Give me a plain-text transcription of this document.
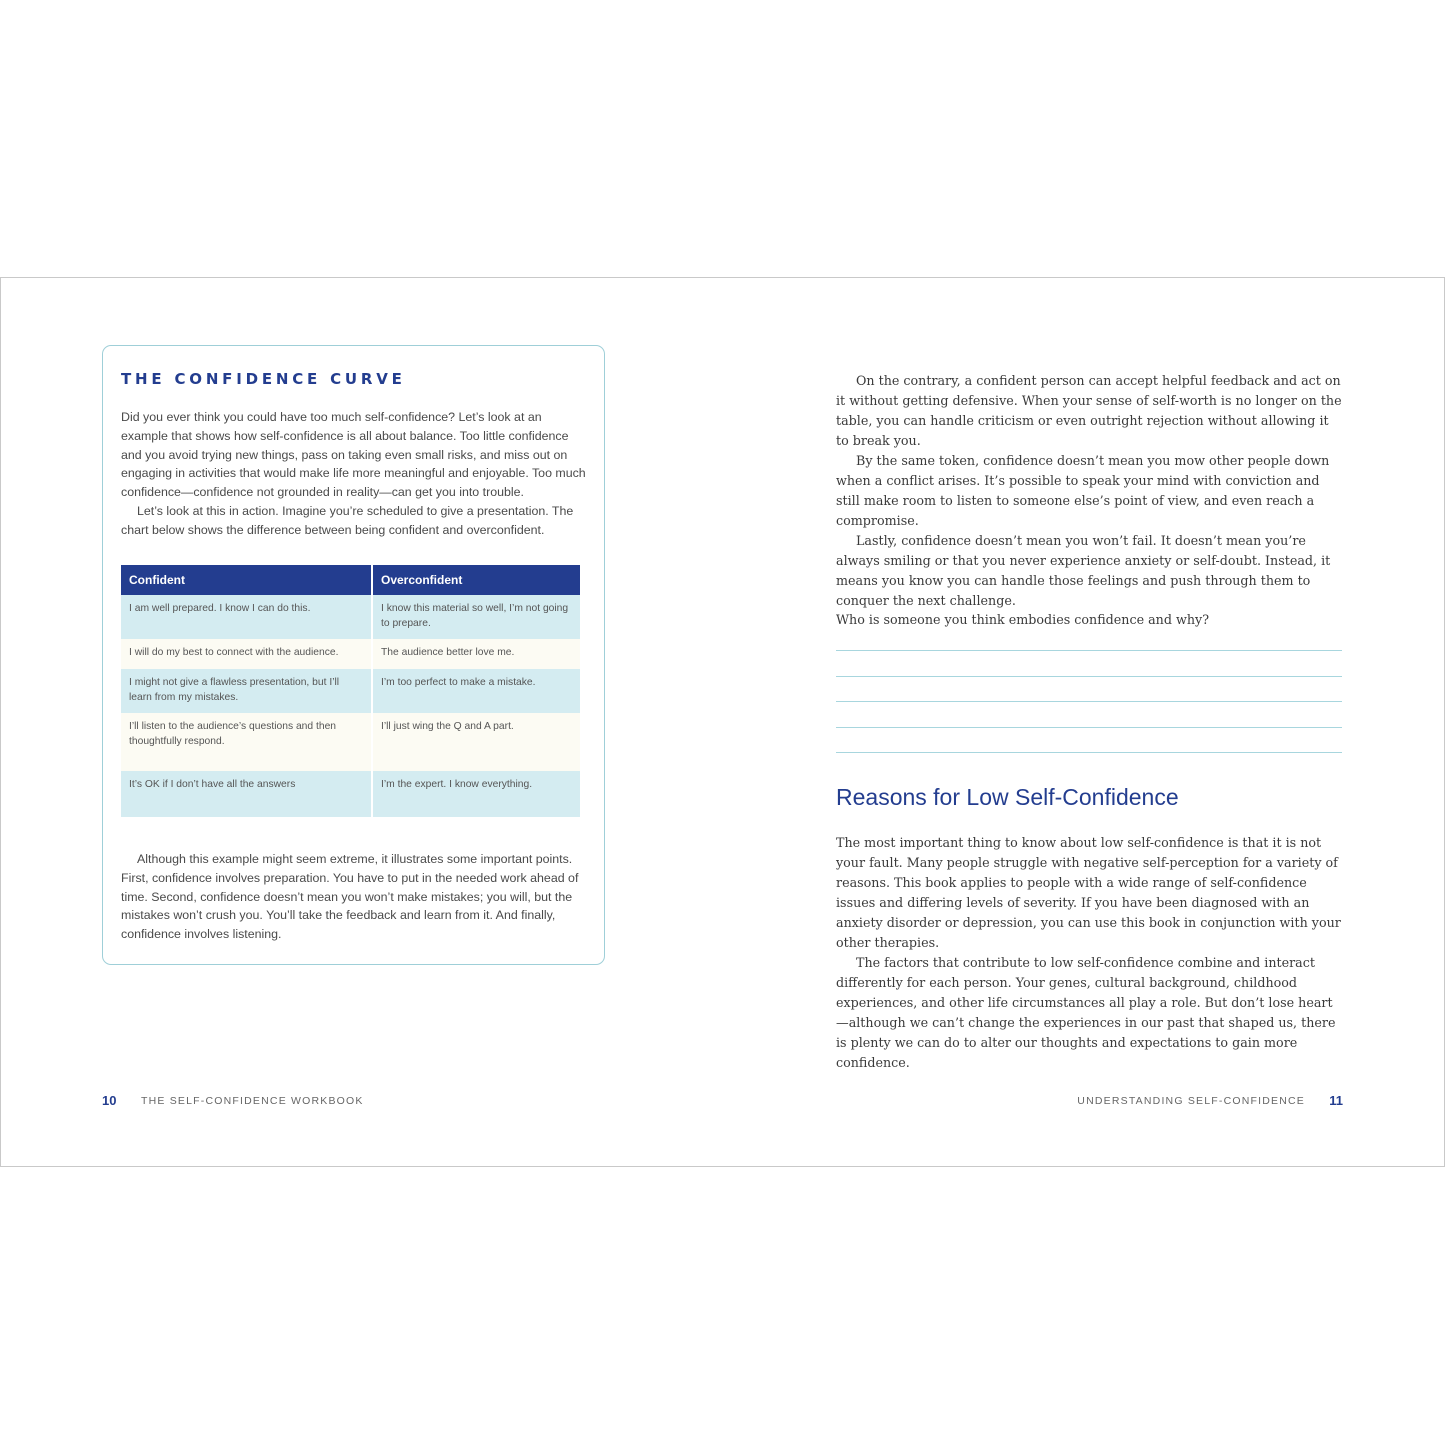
THE CONFIDENCE CURVE

Did you ever think you could have too much self-confidence? Let’s look at an example that shows how self-confidence is all about balance. Too little confidence and you avoid trying new things, pass on taking even small risks, and miss out on engaging in activities that would make life more meaningful and enjoyable. Too much confidence—confidence not grounded in reality—can get you into trouble.

Let’s look at this in action. Imagine you’re scheduled to give a presentation. The chart below shows the difference between being confident and overconfident.

Confident	Overconfident
I am well prepared. I know I can do this.	I know this material so well, I’m not going to prepare.
I will do my best to connect with the audience.	The audience better love me.
I might not give a flawless presentation, but I’ll learn from my mistakes.	I’m too perfect to make a mistake.
I’ll listen to the audience’s questions and then thoughtfully respond.	I’ll just wing the Q and A part.
It’s OK if I don’t have all the answers	I’m the expert. I know everything.

Although this example might seem extreme, it illustrates some important points. First, confidence involves preparation. You have to put in the needed work ahead of time. Second, confidence doesn’t mean you won’t make mistakes; you will, but the mistakes won’t crush you. You’ll take the feedback and learn from it. And finally, confidence involves listening.

10 THE SELF-CONFIDENCE WORKBOOK

On the contrary, a confident person can accept helpful feedback and act on it without getting defensive. When your sense of self-worth is no longer on the table, you can handle criticism or even outright rejection without allowing it to break you.

By the same token, confidence doesn’t mean you mow other people down when a conflict arises. It’s possible to speak your mind with conviction and still make room to listen to someone else’s point of view, and even reach a compromise.

Lastly, confidence doesn’t mean you won’t fail. It doesn’t mean you’re always smiling or that you never experience anxiety or self-doubt. Instead, it means you know you can handle those feelings and push through them to conquer the next challenge.

Who is someone you think embodies confidence and why?

Reasons for Low Self-Confidence

The most important thing to know about low self-confidence is that it is not your fault. Many people struggle with negative self-perception for a variety of reasons. This book applies to people with a wide range of self-confidence issues and differing levels of severity. If you have been diagnosed with an anxiety disorder or depression, you can use this book in conjunction with your other therapies.

The factors that contribute to low self-confidence combine and interact differently for each person. Your genes, cultural background, childhood experiences, and other life circumstances all play a role. But don’t lose heart—although we can’t change the experiences in our past that shaped us, there is plenty we can do to alter our thoughts and expectations to gain more confidence.

UNDERSTANDING SELF-CONFIDENCE 11
